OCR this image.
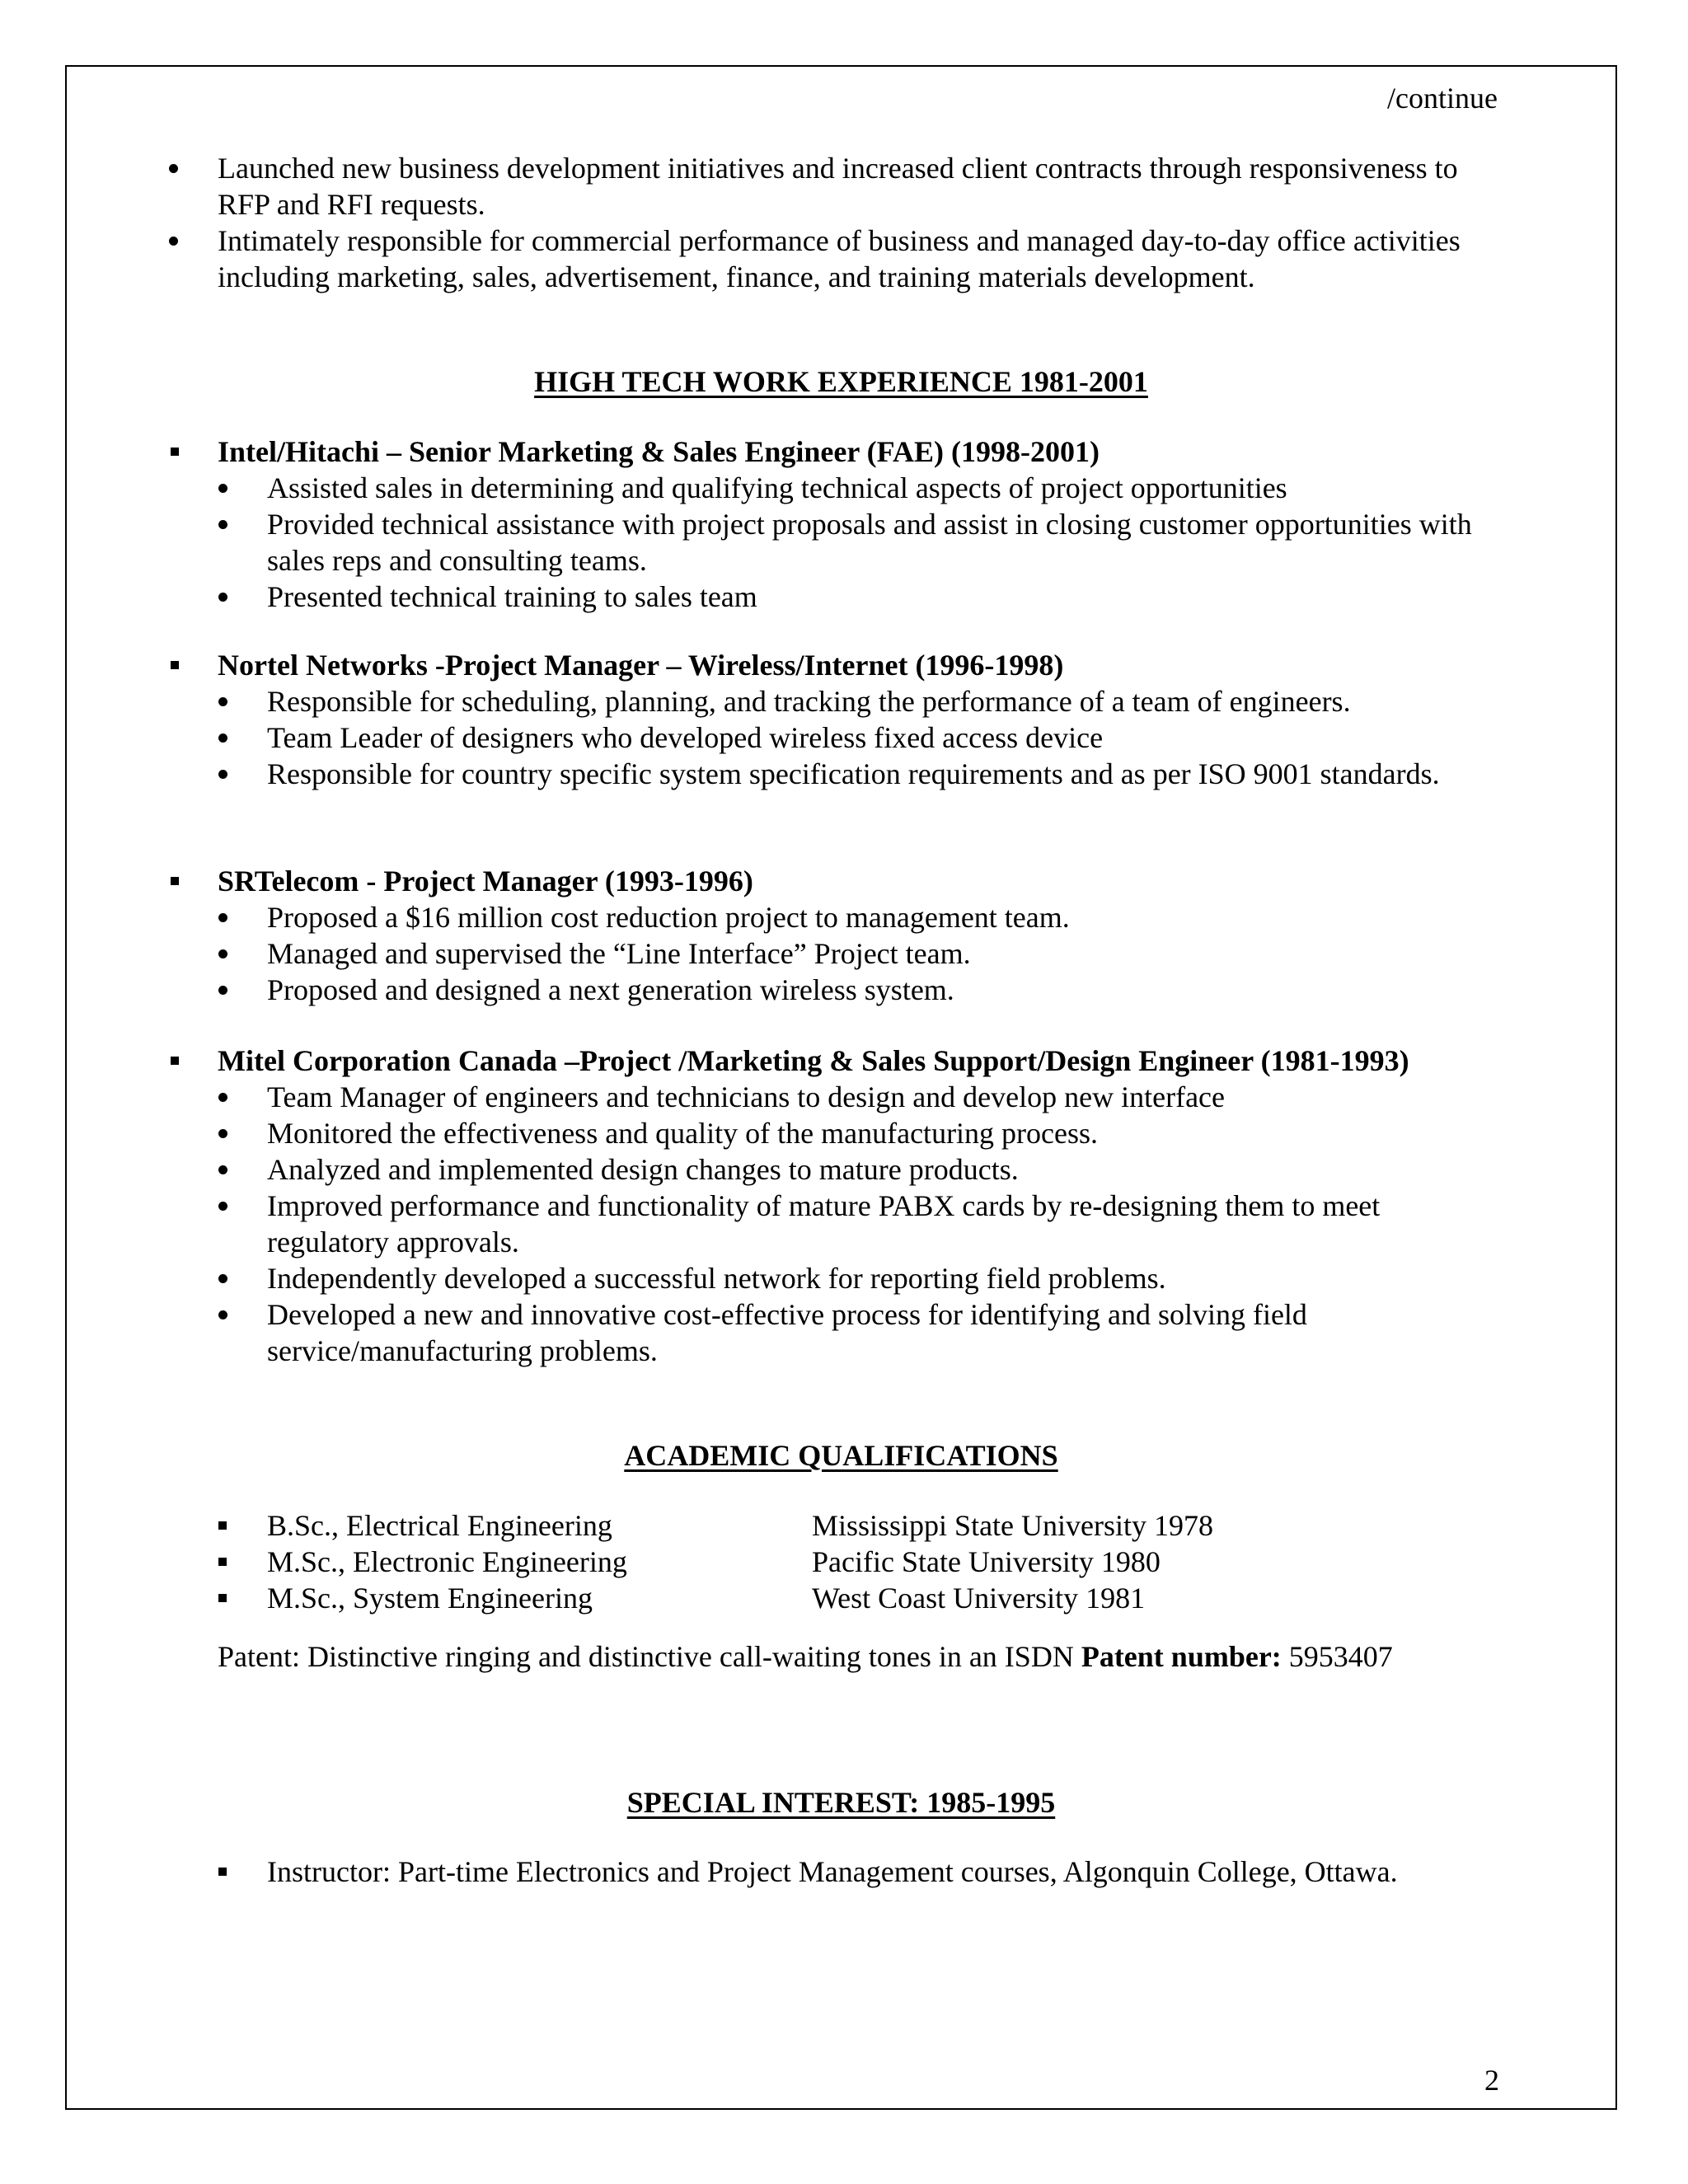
/continue
Launched new business development initiatives and increased client contracts through responsiveness to RFP and RFI requests.
Intimately responsible for commercial performance of business and managed day-to-day office activities including marketing, sales, advertisement, finance, and training materials development.
HIGH TECH WORK EXPERIENCE 1981-2001
Intel/Hitachi – Senior Marketing & Sales Engineer (FAE) (1998-2001)
Assisted sales in determining and qualifying technical aspects of project opportunities
Provided technical assistance with project proposals and assist in closing customer opportunities with sales reps and consulting teams.
Presented technical training to sales team
Nortel Networks -Project Manager – Wireless/Internet (1996-1998)
Responsible for scheduling, planning, and tracking the performance of a team of engineers.
Team Leader of designers who developed wireless fixed access device
Responsible for country specific system specification requirements and as per ISO 9001 standards.
SRTelecom - Project Manager (1993-1996)
Proposed a $16 million cost reduction project to management team.
Managed and supervised the “Line Interface” Project team.
Proposed and designed a next generation wireless system.
Mitel Corporation Canada –Project /Marketing & Sales Support/Design Engineer (1981-1993)
Team Manager of engineers and technicians to design and develop new interface
Monitored the effectiveness and quality of the manufacturing process.
Analyzed and implemented design changes to mature products.
Improved performance and functionality of mature PABX cards by re-designing them to meet regulatory approvals.
Independently developed a successful network for reporting field problems.
Developed a new and innovative cost-effective process for identifying and solving field service/manufacturing problems.
ACADEMIC QUALIFICATIONS
B.Sc., Electrical Engineering	Mississippi State University 1978
M.Sc., Electronic Engineering	Pacific State University 1980
M.Sc., System Engineering	West Coast University 1981
Patent: Distinctive ringing and distinctive call-waiting tones in an ISDN Patent number: 5953407
SPECIAL INTEREST: 1985-1995
Instructor: Part-time Electronics and Project Management courses, Algonquin College, Ottawa.
2
